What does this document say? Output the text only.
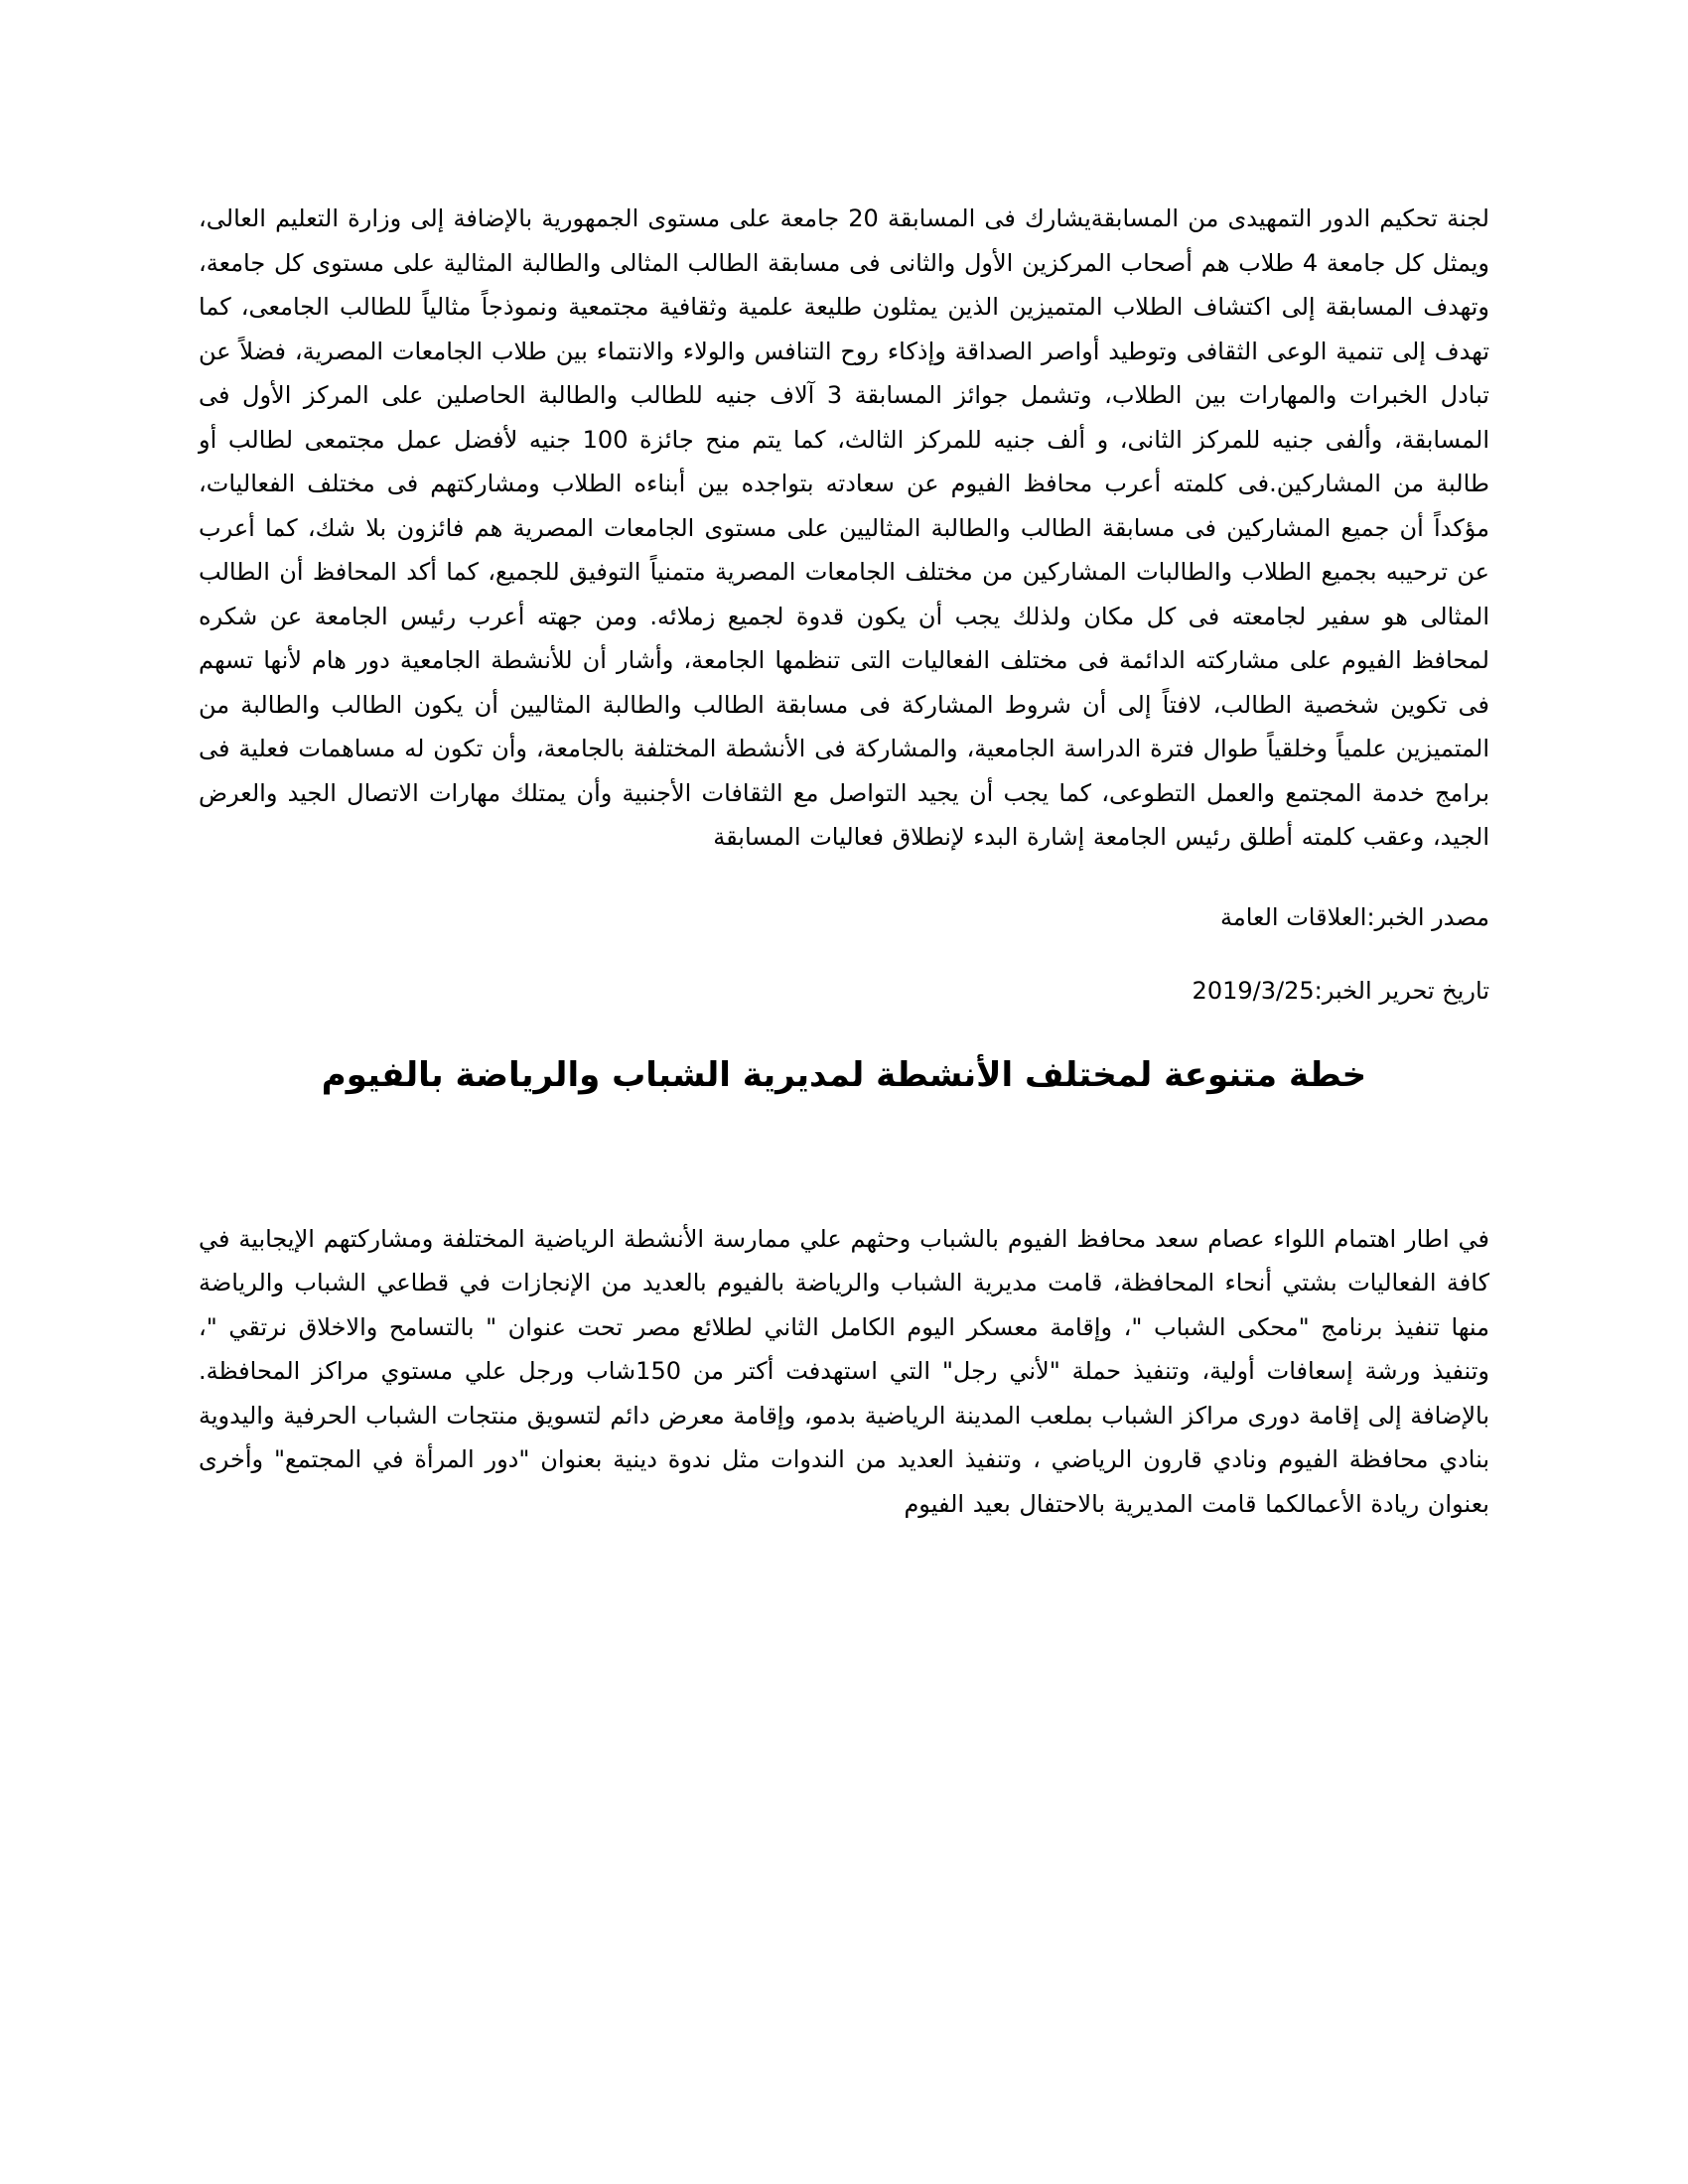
لجنة تحكيم الدور التمهيدى من المسابقةيشارك فى المسابقة 20 جامعة على مستوى الجمهورية بالإضافة إلى وزارة التعليم العالى، ويمثل كل جامعة 4 طلاب هم أصحاب المركزين الأول والثانى فى مسابقة الطالب المثالى والطالبة المثالية على مستوى كل جامعة، وتهدف المسابقة إلى اكتشاف الطلاب المتميزين الذين يمثلون طليعة علمية وثقافية مجتمعية ونموذجاً مثالياً للطالب الجامعى، كما تهدف إلى تنمية الوعى الثقافى وتوطيد أواصر الصداقة وإذكاء روح التنافس والولاء والانتماء بين طلاب الجامعات المصرية، فضلاً عن تبادل الخبرات والمهارات بين الطلاب، وتشمل جوائز المسابقة 3 آلاف جنيه للطالب والطالبة الحاصلين على المركز الأول فى المسابقة، وألفى جنيه للمركز الثانى، و ألف جنيه للمركز الثالث، كما يتم منح جائزة 100 جنيه لأفضل عمل مجتمعى لطالب أو طالبة من المشاركين.فى كلمته أعرب محافظ الفيوم عن سعادته بتواجده بين أبناءه الطلاب ومشاركتهم فى مختلف الفعاليات، مؤكداً أن جميع المشاركين فى مسابقة الطالب والطالبة المثاليين على مستوى الجامعات المصرية هم فائزون بلا شك، كما أعرب عن ترحيبه بجميع الطلاب والطالبات المشاركين من مختلف الجامعات المصرية متمنياً التوفيق للجميع، كما أكد المحافظ أن الطالب المثالى هو سفير لجامعته فى كل مكان ولذلك يجب أن يكون قدوة لجميع زملائه. ومن جهته أعرب رئيس الجامعة عن شكره لمحافظ الفيوم على مشاركته الدائمة فى مختلف الفعاليات التى تنظمها الجامعة، وأشار أن للأنشطة الجامعية دور هام لأنها تسهم فى تكوين شخصية الطالب، لافتاً إلى أن شروط المشاركة فى مسابقة الطالب والطالبة المثاليين أن يكون الطالب والطالبة من المتميزين علمياً وخلقياً طوال فترة الدراسة الجامعية، والمشاركة فى الأنشطة المختلفة بالجامعة، وأن تكون له مساهمات فعلية فى برامج خدمة المجتمع والعمل التطوعى، كما يجب أن يجيد التواصل مع الثقافات الأجنبية وأن يمتلك مهارات الاتصال الجيد والعرض الجيد، وعقب كلمته أطلق رئيس الجامعة إشارة البدء لإنطلاق فعاليات المسابقة

مصدر الخبر:العلاقات العامة

تاريخ تحرير الخبر:2019/3/25

خطة متنوعة لمختلف الأنشطة لمديرية الشباب والرياضة بالفيوم

في اطار اهتمام اللواء عصام سعد محافظ الفيوم بالشباب وحثهم علي ممارسة الأنشطة الرياضية المختلفة ومشاركتهم الإيجابية في كافة الفعاليات بشتي أنحاء المحافظة، قامت مديرية الشباب والرياضة بالفيوم بالعديد من الإنجازات في قطاعي الشباب والرياضة منها تنفيذ برنامج "محكى الشباب "، وإقامة معسكر اليوم الكامل الثاني لطلائع مصر تحت عنوان " بالتسامح والاخلاق نرتقي "، وتنفيذ ورشة إسعافات أولية، وتنفيذ حملة "لأني رجل" التي استهدفت أكتر من 150شاب ورجل علي مستوي مراكز المحافظة. بالإضافة إلى إقامة دورى مراكز الشباب بملعب المدينة الرياضية بدمو، وإقامة معرض دائم لتسويق منتجات الشباب الحرفية واليدوية بنادي محافظة الفيوم ونادي قارون الرياضي ، وتنفيذ العديد من الندوات مثل ندوة دينية بعنوان "دور المرأة في المجتمع" وأخرى بعنوان ريادة الأعمالكما قامت المديرية بالاحتفال بعيد الفيوم
